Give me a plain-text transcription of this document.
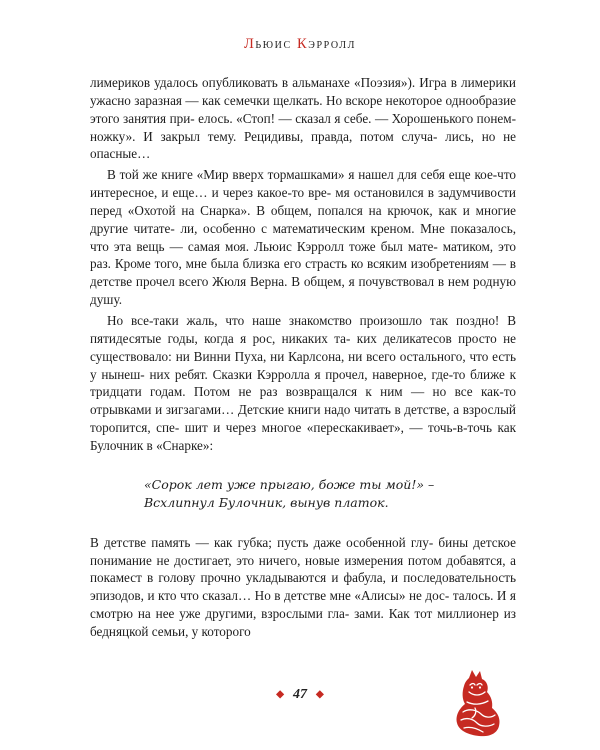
Льюис Кэрролл

лимериков удалось опубликовать в альманахе «Поэзия»). Игра в лимерики ужасно заразная — как семечки щелкать. Но вскоре некоторое однообразие этого занятия при- елось. «Стоп! — сказал я себе. — Хорошенького понем- ножку». И закрыл тему. Рецидивы, правда, потом случа- лись, но не опасные…

В той же книге «Мир вверх тормашками» я нашел для себя еще кое-что интересное, и еще… и через какое-то вре- мя остановился в задумчивости перед «Охотой на Снарка». В общем, попался на крючок, как и многие другие читате- ли, особенно с математическим креном. Мне показалось, что эта вещь — самая моя. Льюис Кэрролл тоже был мате- матиком, это раз. Кроме того, мне была близка его страсть ко всяким изобретениям — в детстве прочел всего Жюля Верна. В общем, я почувствовал в нем родную душу.

Но все-таки жаль, что наше знакомство произошло так поздно! В пятидесятые годы, когда я рос, никаких та- ких деликатесов просто не существовало: ни Винни Пуха, ни Карлсона, ни всего остального, что есть у нынеш- них ребят. Сказки Кэрролла я прочел, наверное, где-то ближе к тридцати годам. Потом не раз возвращался к ним — но все как-то отрывками и зигзагами… Детские книги надо читать в детстве, а взрослый торопится, спе- шит и через многое «перескакивает», — точь-в-точь как Булочник в «Снарке»:

«Сорок лет уже прыгаю, боже ты мой!» –
Всхлипнул Булочник, вынув платок.

В детстве память — как губка; пусть даже особенной глу- бины детское понимание не достигает, это ничего, новые измерения потом добавятся, а покамест в голову прочно укладываются и фабула, и последовательность эпизодов, и кто что сказал… Но в детстве мне «Алисы» не дос- талось. И я смотрю на нее уже другими, взрослыми гла- зами. Как тот миллионер из бедняцкой семьи, у которого

◆ 47 ◆
